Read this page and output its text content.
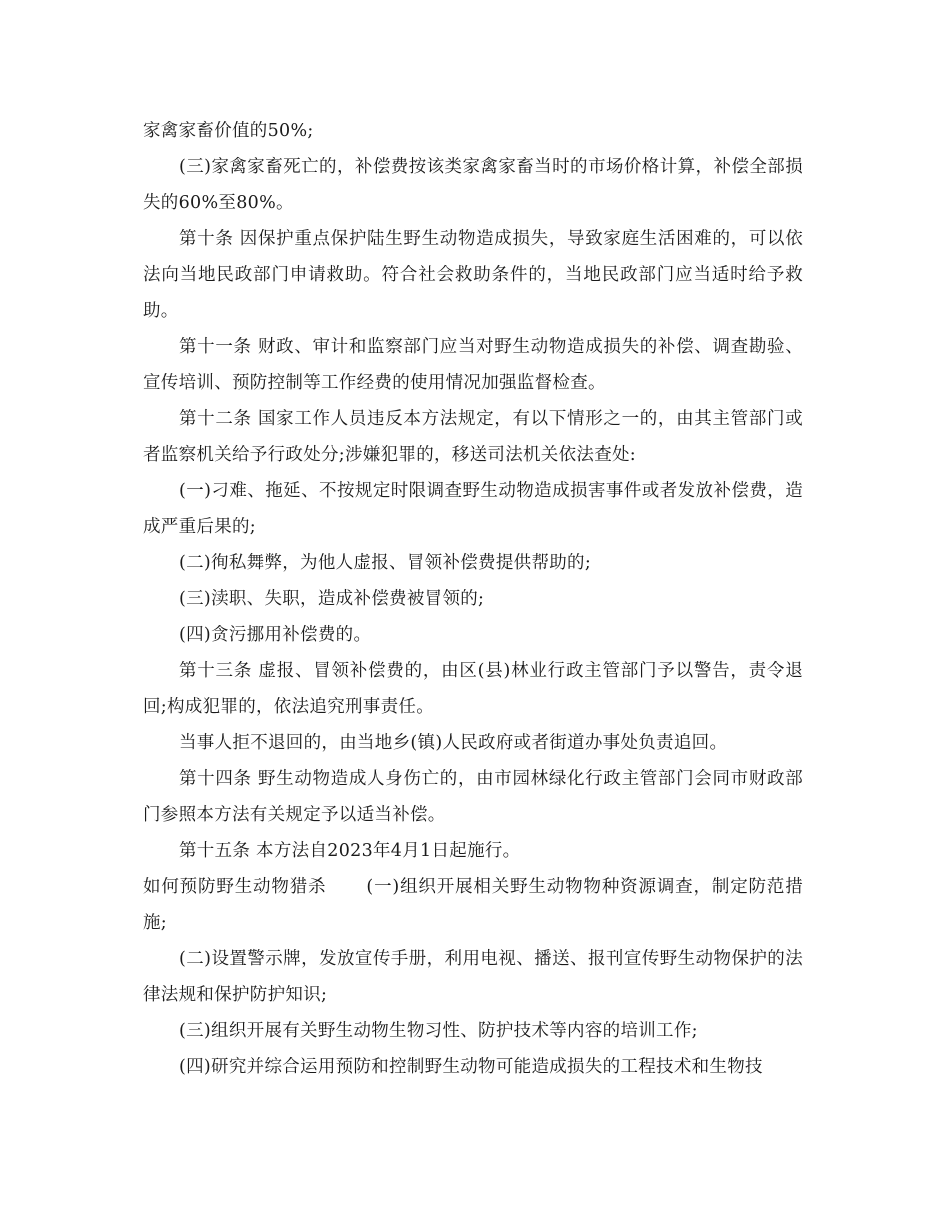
家禽家畜价值的50%;

(三)家禽家畜死亡的，补偿费按该类家禽家畜当时的市场价格计算，补偿全部损失的60%至80%。

第十条 因保护重点保护陆生野生动物造成损失，导致家庭生活困难的，可以依法向当地民政部门申请救助。符合社会救助条件的，当地民政部门应当适时给予救助。

第十一条 财政、审计和监察部门应当对野生动物造成损失的补偿、调查勘验、宣传培训、预防控制等工作经费的使用情况加强监督检查。

第十二条 国家工作人员违反本方法规定，有以下情形之一的，由其主管部门或者监察机关给予行政处分;涉嫌犯罪的，移送司法机关依法查处:

(一)刁难、拖延、不按规定时限调查野生动物造成损害事件或者发放补偿费，造成严重后果的;

(二)徇私舞弊，为他人虚报、冒领补偿费提供帮助的;

(三)渎职、失职，造成补偿费被冒领的;

(四)贪污挪用补偿费的。

第十三条 虚报、冒领补偿费的，由区(县)林业行政主管部门予以警告，责令退回;构成犯罪的，依法追究刑事责任。

当事人拒不退回的，由当地乡(镇)人民政府或者街道办事处负责追回。

第十四条 野生动物造成人身伤亡的，由市园林绿化行政主管部门会同市财政部门参照本方法有关规定予以适当补偿。

第十五条 本方法自2023年4月1日起施行。

如何预防野生动物猎杀 (一)组织开展相关野生动物物种资源调查，制定防范措施;

(二)设置警示牌，发放宣传手册，利用电视、播送、报刊宣传野生动物保护的法律法规和保护防护知识;

(三)组织开展有关野生动物生物习性、防护技术等内容的培训工作;

(四)研究并综合运用预防和控制野生动物可能造成损失的工程技术和生物技
